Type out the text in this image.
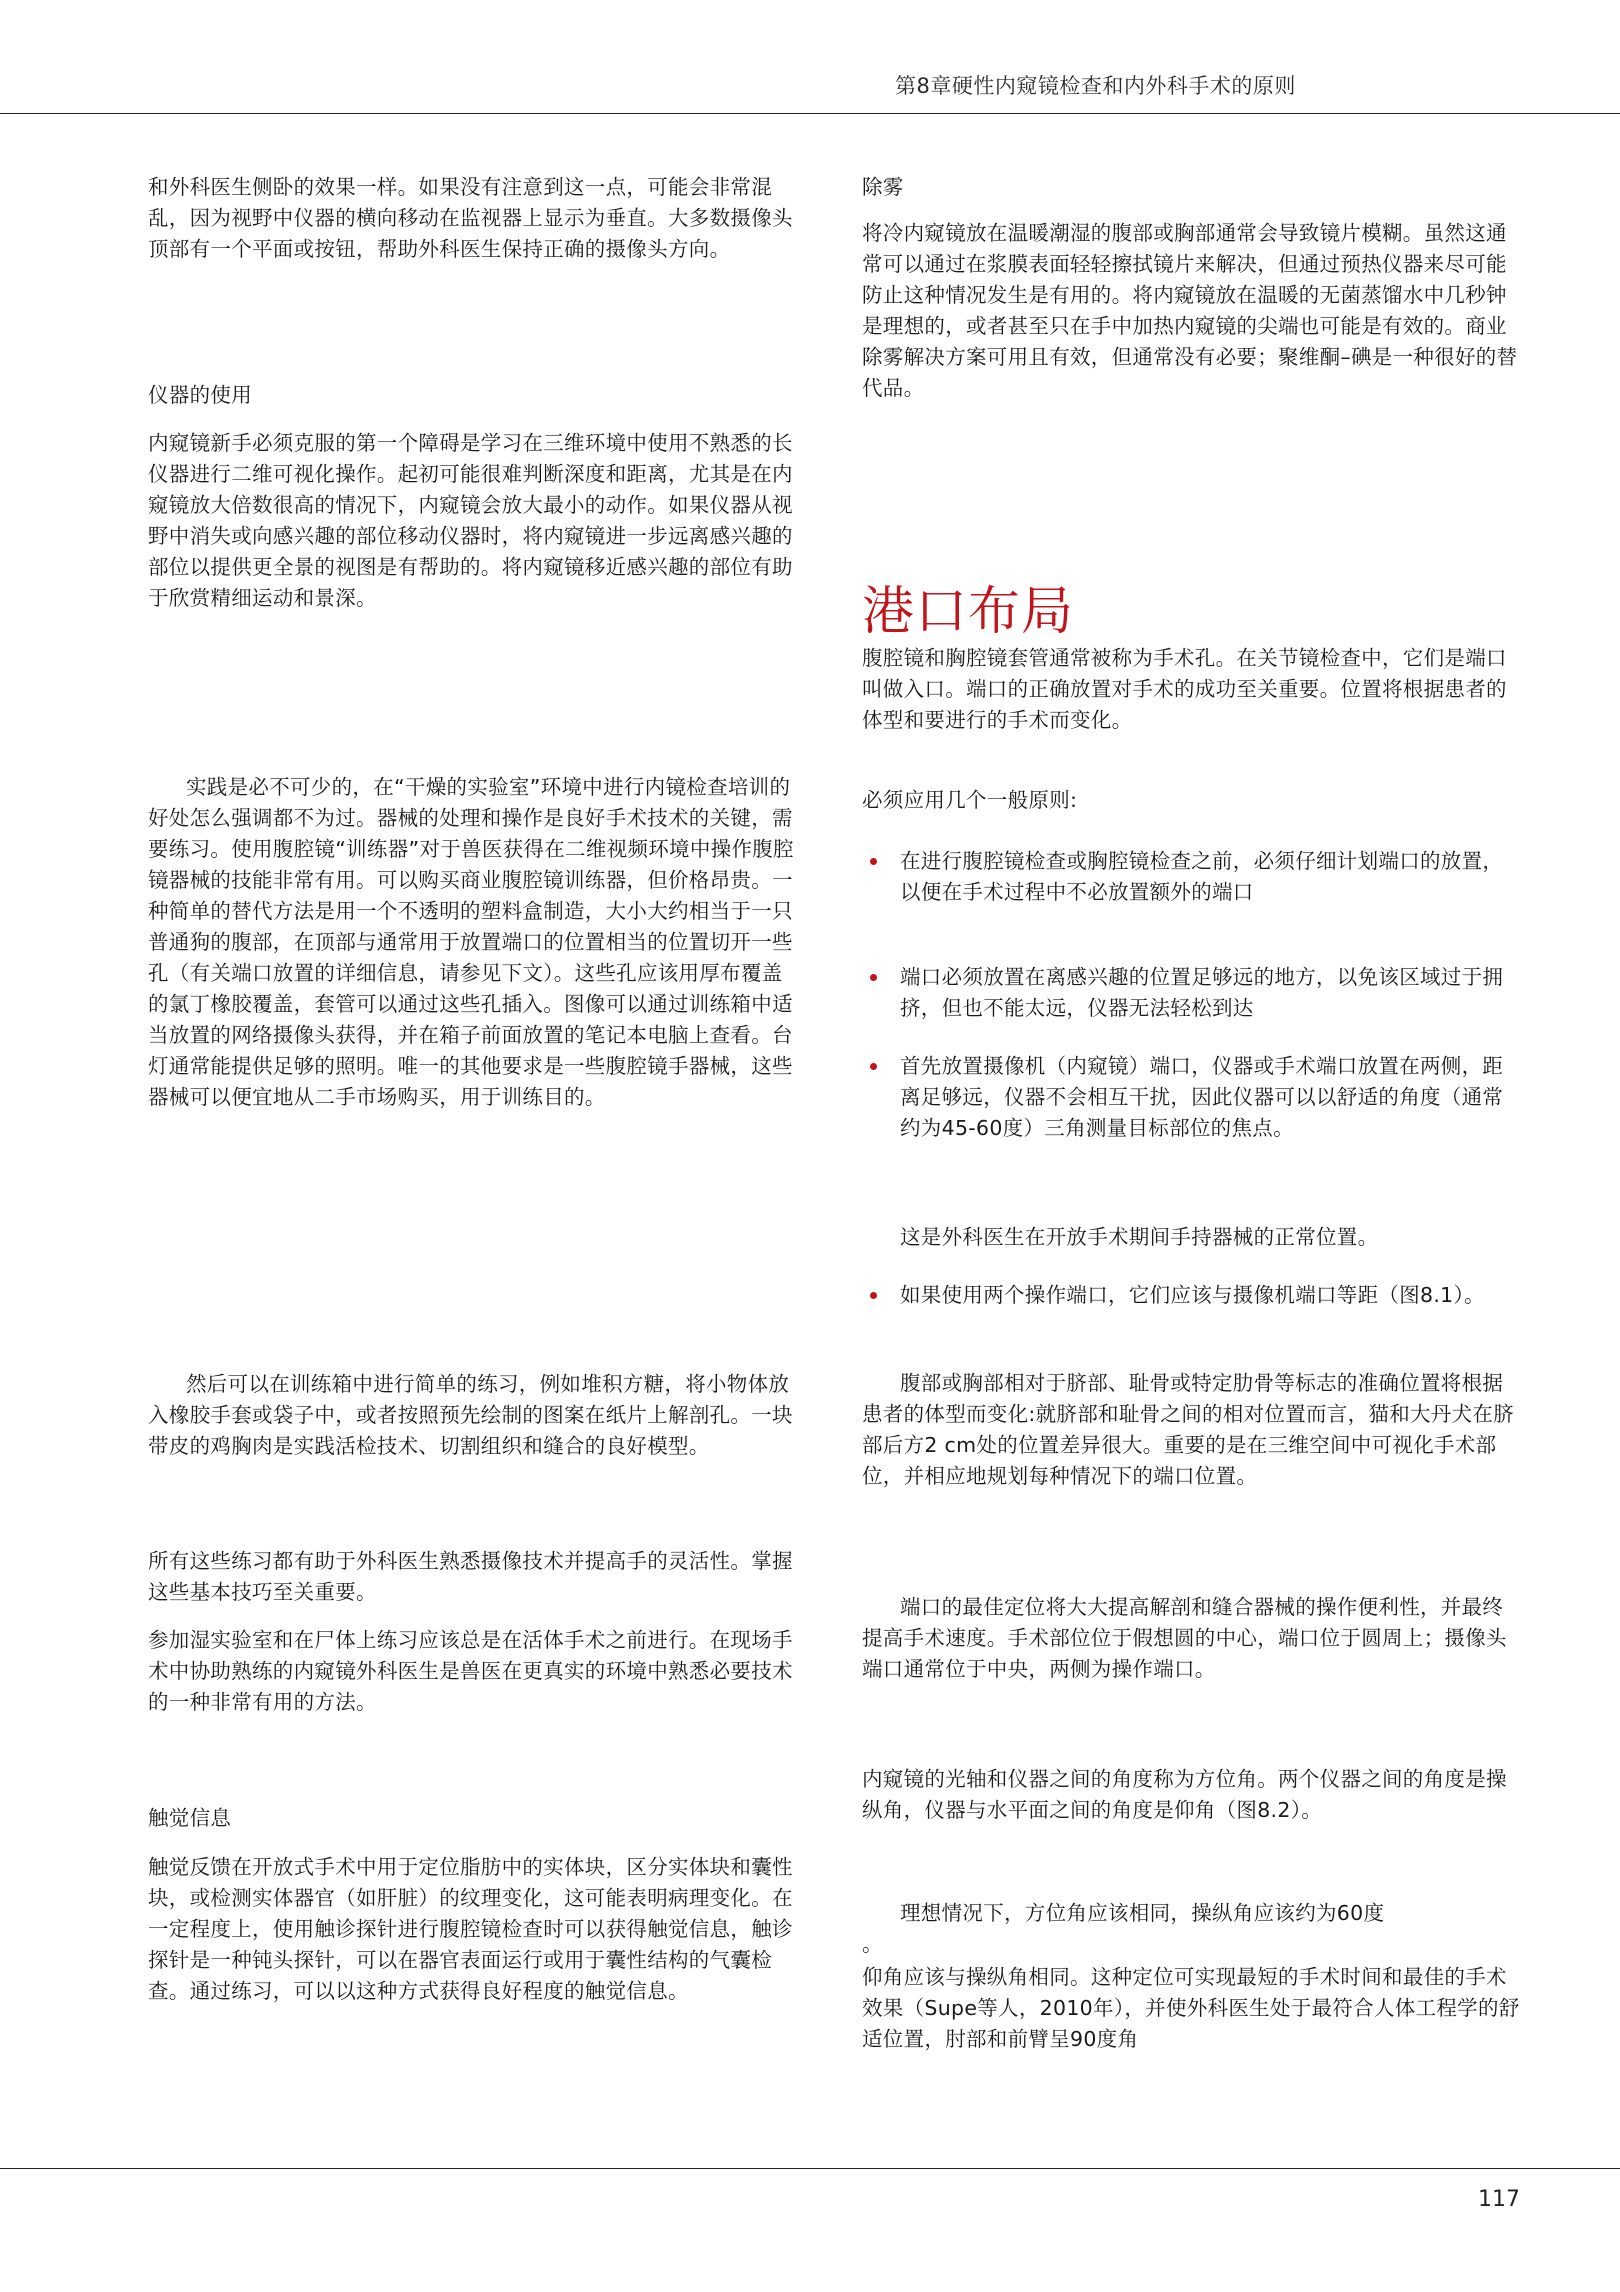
第8章硬性内窥镜检查和内外科手术的原则

和外科医生侧卧的效果一样。如果没有注意到这一点，可能会非常混乱，因为视野中仪器的横向移动在监视器上显示为垂直。大多数摄像头顶部有一个平面或按钮，帮助外科医生保持正确的摄像头方向。

仪器的使用

内窥镜新手必须克服的第一个障碍是学习在三维环境中使用不熟悉的长仪器进行二维可视化操作。起初可能很难判断深度和距离，尤其是在内窥镜放大倍数很高的情况下，内窥镜会放大最小的动作。如果仪器从视野中消失或向感兴趣的部位移动仪器时，将内窥镜进一步远离感兴趣的部位以提供更全景的视图是有帮助的。将内窥镜移近感兴趣的部位有助于欣赏精细运动和景深。

实践是必不可少的，在“干燥的实验室”环境中进行内镜检查培训的好处怎么强调都不为过。器械的处理和操作是良好手术技术的关键，需要练习。使用腹腔镜“训练器”对于兽医获得在二维视频环境中操作腹腔镜器械的技能非常有用。可以购买商业腹腔镜训练器，但价格昂贵。一种简单的替代方法是用一个不透明的塑料盒制造，大小大约相当于一只普通狗的腹部，在顶部与通常用于放置端口的位置相当的位置切开一些孔（有关端口放置的详细信息，请参见下文）。这些孔应该用厚布覆盖的氯丁橡胶覆盖，套管可以通过这些孔插入。图像可以通过训练箱中适当放置的网络摄像头获得，并在箱子前面放置的笔记本电脑上查看。台灯通常能提供足够的照明。唯一的其他要求是一些腹腔镜手器械，这些器械可以便宜地从二手市场购买，用于训练目的。

然后可以在训练箱中进行简单的练习，例如堆积方糖，将小物体放入橡胶手套或袋子中，或者按照预先绘制的图案在纸片上解剖孔。一块带皮的鸡胸肉是实践活检技术、切割组织和缝合的良好模型。

所有这些练习都有助于外科医生熟悉摄像技术并提高手的灵活性。掌握这些基本技巧至关重要。

参加湿实验室和在尸体上练习应该总是在活体手术之前进行。在现场手术中协助熟练的内窥镜外科医生是兽医在更真实的环境中熟悉必要技术的一种非常有用的方法。

触觉信息

触觉反馈在开放式手术中用于定位脂肪中的实体块，区分实体块和囊性块，或检测实体器官（如肝脏）的纹理变化，这可能表明病理变化。在一定程度上，使用触诊探针进行腹腔镜检查时可以获得触觉信息，触诊探针是一种钝头探针，可以在器官表面运行或用于囊性结构的气囊检查。通过练习，可以以这种方式获得良好程度的触觉信息。

除雾

将冷内窥镜放在温暖潮湿的腹部或胸部通常会导致镜片模糊。虽然这通常可以通过在浆膜表面轻轻擦拭镜片来解决，但通过预热仪器来尽可能防止这种情况发生是有用的。将内窥镜放在温暖的无菌蒸馏水中几秒钟是理想的，或者甚至只在手中加热内窥镜的尖端也可能是有效的。商业除雾解决方案可用且有效，但通常没有必要；聚维酮–碘是一种很好的替代品。

港口布局

腹腔镜和胸腔镜套管通常被称为手术孔。在关节镜检查中，它们是端口

叫做入口。端口的正确放置对手术的成功至关重要。位置将根据患者的体型和要进行的手术而变化。

必须应用几个一般原则:

在进行腹腔镜检查或胸腔镜检查之前，必须仔细计划端口的放置，以便在手术过程中不必放置额外的端口
端口必须放置在离感兴趣的位置足够远的地方，以免该区域过于拥挤，但也不能太远，仪器无法轻松到达
首先放置摄像机（内窥镜）端口，仪器或手术端口放置在两侧，距离足够远，仪器不会相互干扰，因此仪器可以以舒适的角度（通常约为45-60度）三角测量目标部位的焦点。

这是外科医生在开放手术期间手持器械的正常位置。

如果使用两个操作端口，它们应该与摄像机端口等距（图8.1）。

腹部或胸部相对于脐部、耻骨或特定肋骨等标志的准确位置将根据患者的体型而变化:就脐部和耻骨之间的相对位置而言，猫和大丹犬在脐部后方2 cm处的位置差异很大。重要的是在三维空间中可视化手术部位，并相应地规划每种情况下的端口位置。

端口的最佳定位将大大提高解剖和缝合器械的操作便利性，并最终提高手术速度。手术部位位于假想圆的中心，端口位于圆周上；摄像头端口通常位于中央，两侧为操作端口。

内窥镜的光轴和仪器之间的角度称为方位角。两个仪器之间的角度是操纵角，仪器与水平面之间的角度是仰角（图8.2）。

理想情况下，方位角应该相同，操纵角应该约为60度

。

仰角应该与操纵角相同。这种定位可实现最短的手术时间和最佳的手术效果（Supe等人，2010年），并使外科医生处于最符合人体工程学的舒适位置，肘部和前臂呈90度角

117
